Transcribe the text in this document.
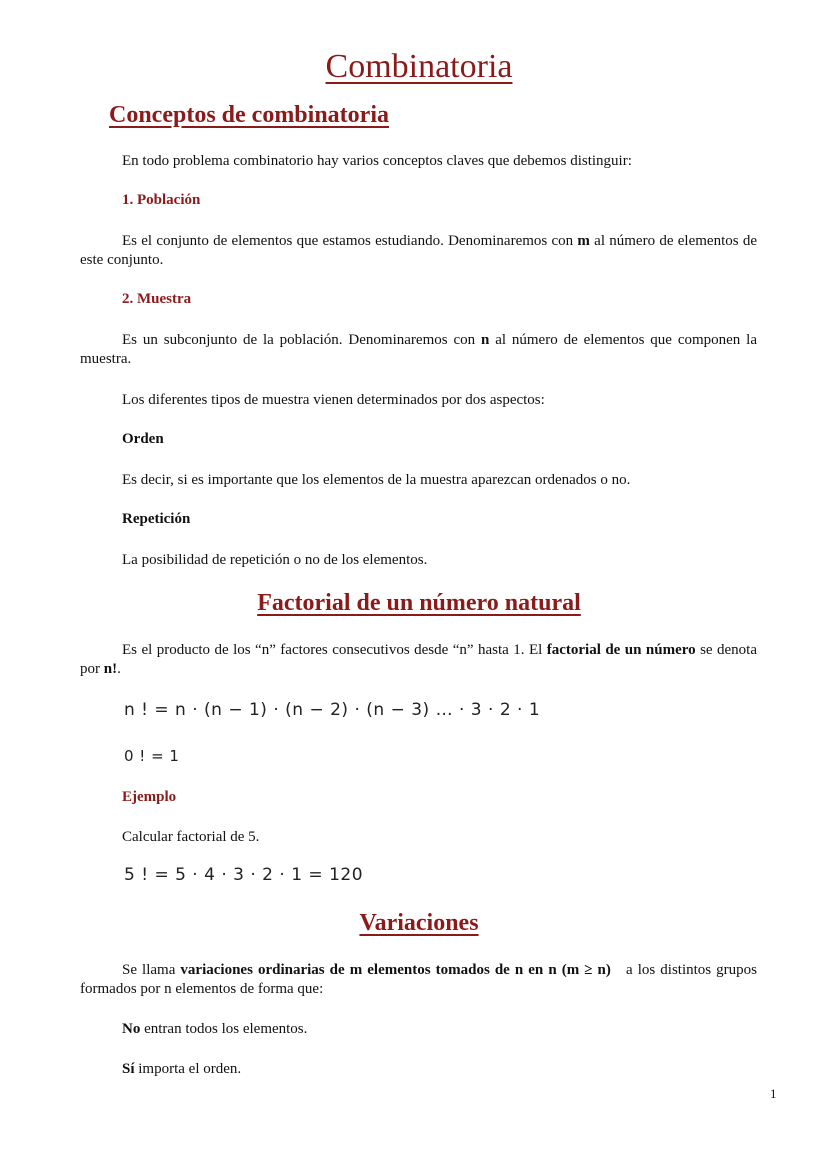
Combinatoria
Conceptos de combinatoria
En todo problema combinatorio hay varios conceptos claves que debemos distinguir:
1. Población
Es el conjunto de elementos que estamos estudiando. Denominaremos con m al número de elementos de este conjunto.
2. Muestra
Es un subconjunto de la población. Denominaremos con n al número de elementos que componen la muestra.
Los diferentes tipos de muestra vienen determinados por dos aspectos:
Orden
Es decir, si es importante que los elementos de la muestra aparezcan ordenados o no.
Repetición
La posibilidad de repetición o no de los elementos.
Factorial de un número natural
Es el producto de los “n” factores consecutivos desde “n” hasta 1. El factorial de un número se denota por n!.
n ! = n · (n − 1) · (n − 2) · (n − 3) … · 3 · 2 · 1
0 ! = 1
Ejemplo
Calcular factorial de 5.
5 ! = 5 · 4 · 3 · 2 · 1 = 120
Variaciones
Se llama variaciones ordinarias de m elementos tomados de n en n (m ≥ n)   a los distintos grupos formados por n elementos de forma que:
No entran todos los elementos.
Sí importa el orden.
1
